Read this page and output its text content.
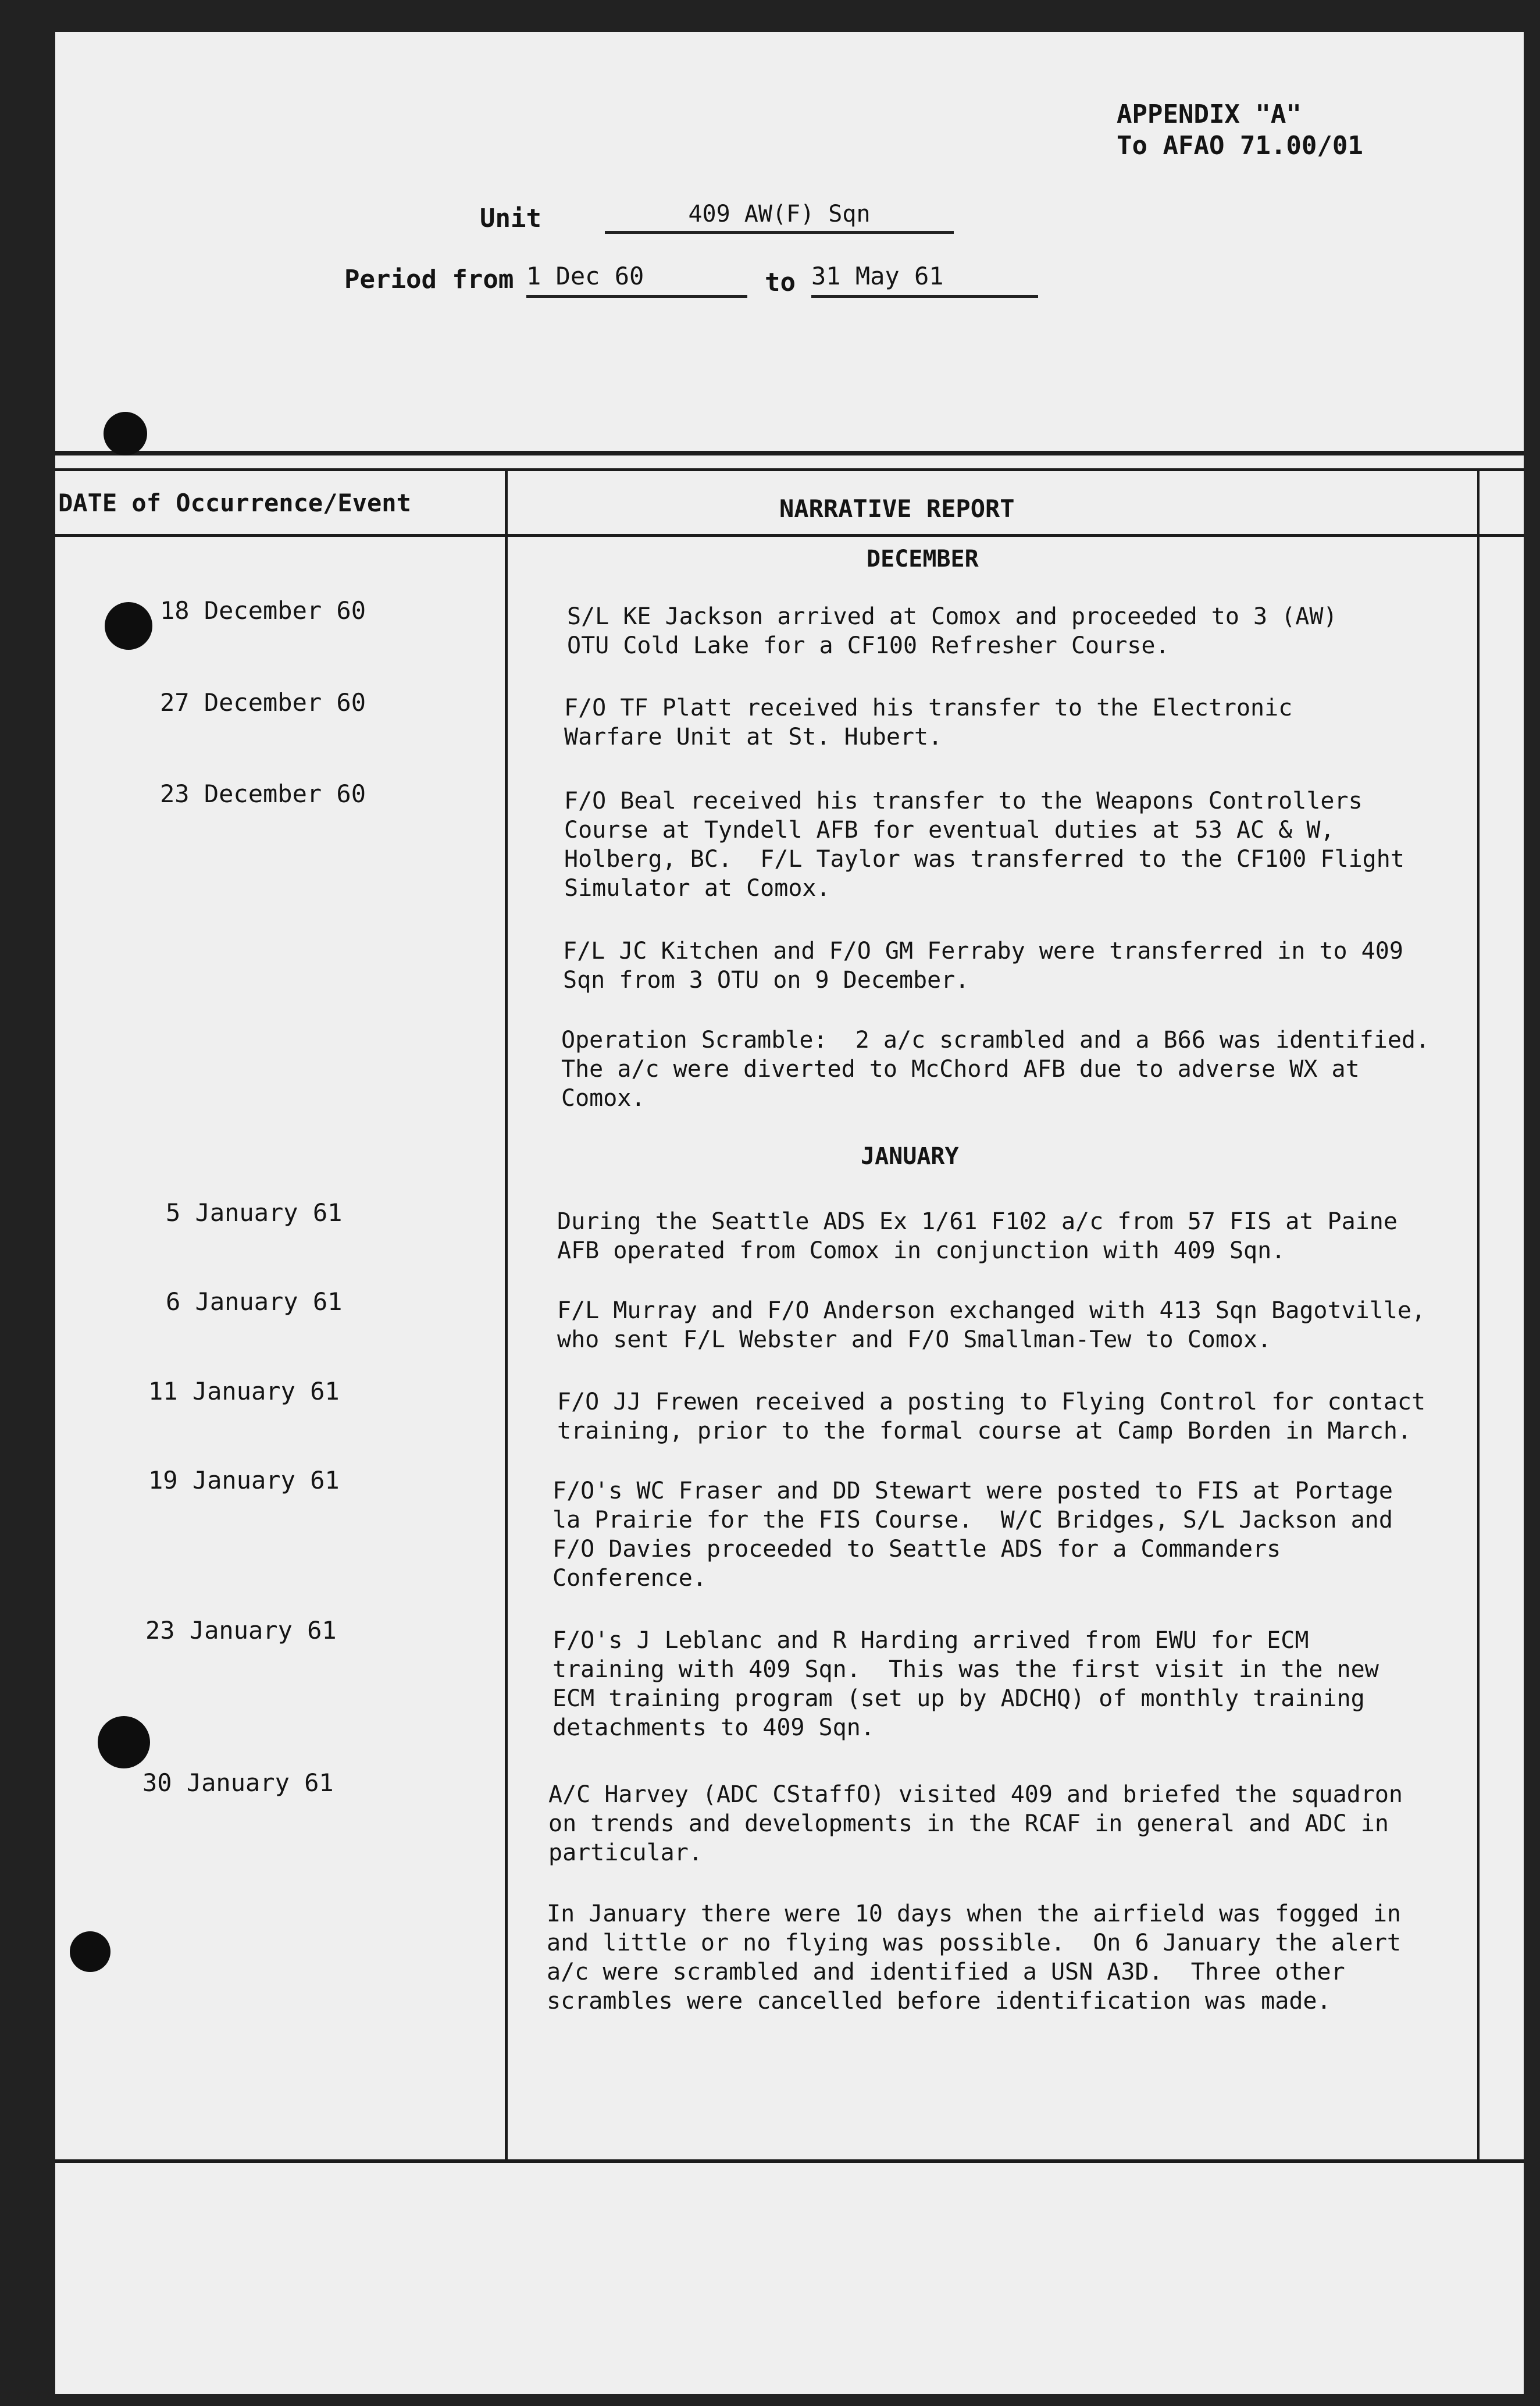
APPENDIX "A"
To AFAO 71.00/01
Unit	409 AW(F) Sqn
Period from 1 Dec 60	to 31 May 61
DATE of Occurrence/Event	NARRATIVE REPORT
DECEMBER
18 December 60	S/L KE Jackson arrived at Comox and proceeded to 3 (AW)
OTU Cold Lake for a CF100 Refresher Course.
27 December 60	F/O TF Platt received his transfer to the Electronic
Warfare Unit at St. Hubert.
23 December 60	F/O Beal received his transfer to the Weapons Controllers
Course at Tyndell AFB for eventual duties at 53 AC & W,
Holberg, BC.  F/L Taylor was transferred to the CF100 Flight
Simulator at Comox.
F/L JC Kitchen and F/O GM Ferraby were transferred in to 409
Sqn from 3 OTU on 9 December.
Operation Scramble:  2 a/c scrambled and a B66 was identified.
The a/c were diverted to McChord AFB due to adverse WX at
Comox.
JANUARY
5 January 61	During the Seattle ADS Ex 1/61 F102 a/c from 57 FIS at Paine
AFB operated from Comox in conjunction with 409 Sqn.
6 January 61	F/L Murray and F/O Anderson exchanged with 413 Sqn Bagotville,
who sent F/L Webster and F/O Smallman-Tew to Comox.
11 January 61	F/O JJ Frewen received a posting to Flying Control for contact
training, prior to the formal course at Camp Borden in March.
19 January 61	F/O's WC Fraser and DD Stewart were posted to FIS at Portage
la Prairie for the FIS Course.  W/C Bridges, S/L Jackson and
F/O Davies proceeded to Seattle ADS for a Commanders
Conference.
23 January 61	F/O's J Leblanc and R Harding arrived from EWU for ECM
training with 409 Sqn.  This was the first visit in the new
ECM training program (set up by ADCHQ) of monthly training
detachments to 409 Sqn.
30 January 61	A/C Harvey (ADC CStaffO) visited 409 and briefed the squadron
on trends and developments in the RCAF in general and ADC in
particular.
In January there were 10 days when the airfield was fogged in
and little or no flying was possible.  On 6 January the alert
a/c were scrambled and identified a USN A3D.  Three other
scrambles were cancelled before identification was made.
